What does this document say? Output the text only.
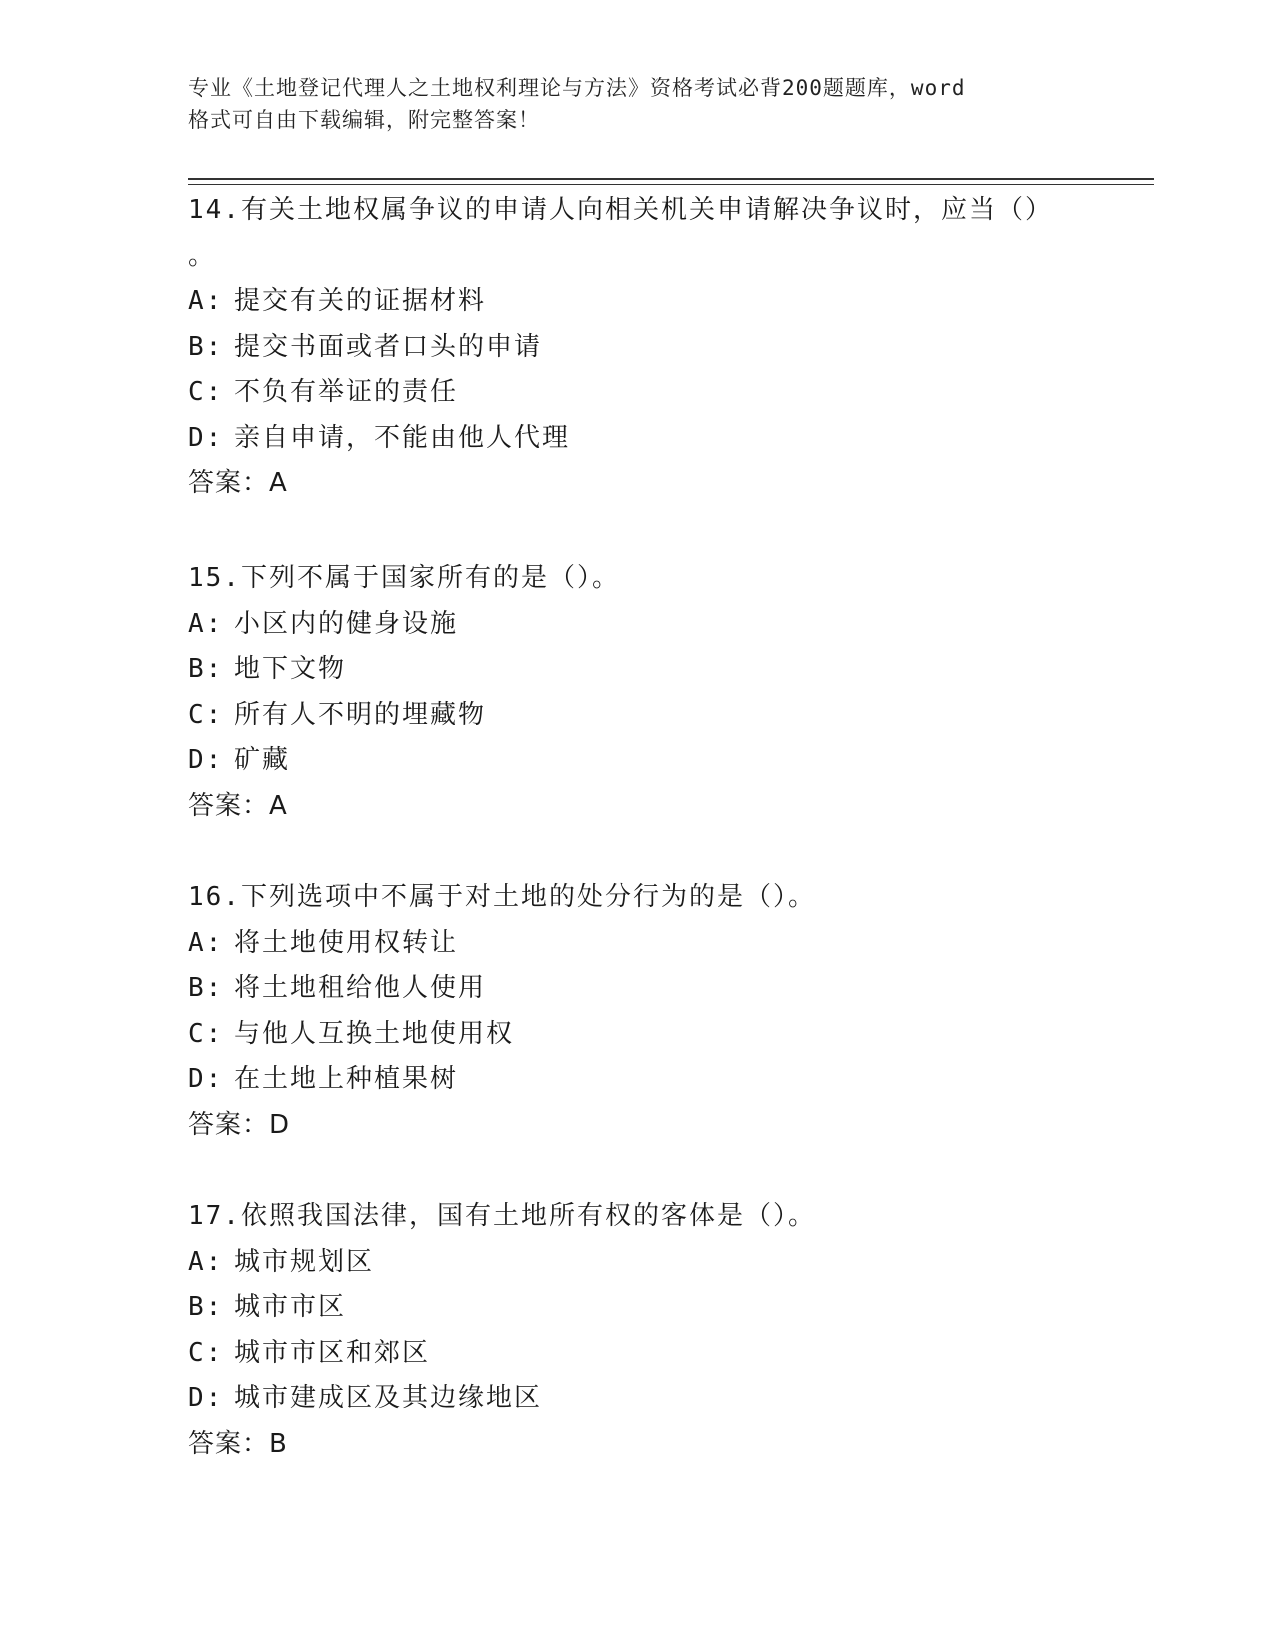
专业《土地登记代理人之土地权利理论与方法》资格考试必背200题题库，word
格式可自由下载编辑，附完整答案！
14.有关土地权属争议的申请人向相关机关申请解决争议时，应当（）
。
A: 提交有关的证据材料
B: 提交书面或者口头的申请
C: 不负有举证的责任
D: 亲自申请，不能由他人代理
答案：A
15.下列不属于国家所有的是（）。
A: 小区内的健身设施
B: 地下文物
C: 所有人不明的埋藏物
D: 矿藏
答案：A
16.下列选项中不属于对土地的处分行为的是（）。
A: 将土地使用权转让
B: 将土地租给他人使用
C: 与他人互换土地使用权
D: 在土地上种植果树
答案：D
17.依照我国法律，国有土地所有权的客体是（）。
A: 城市规划区
B: 城市市区
C: 城市市区和郊区
D: 城市建成区及其边缘地区
答案：B
